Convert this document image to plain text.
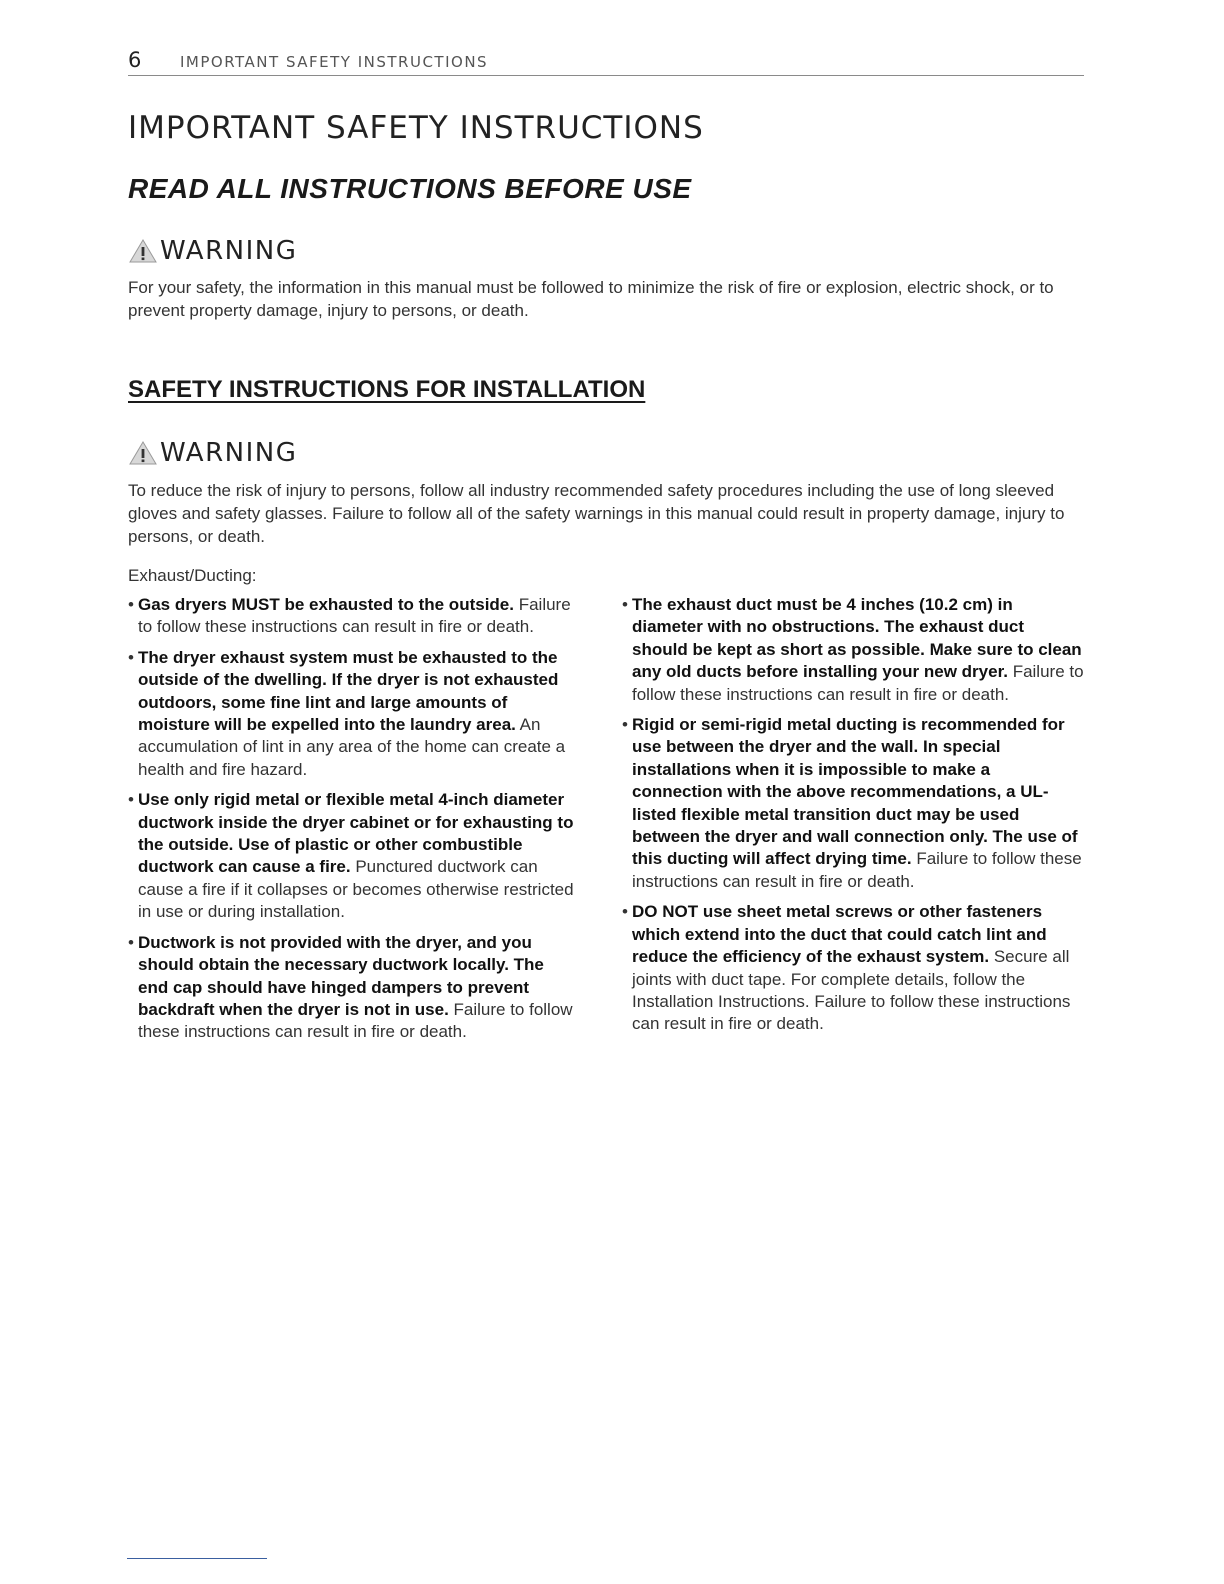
6	IMPORTANT SAFETY INSTRUCTIONS
IMPORTANT SAFETY INSTRUCTIONS
READ ALL INSTRUCTIONS BEFORE USE
WARNING

For your safety, the information in this manual must be followed to minimize the risk of fire or explosion, electric shock, or to prevent property damage, injury to persons, or death.

SAFETY INSTRUCTIONS FOR INSTALLATION
WARNING

To reduce the risk of injury to persons, follow all industry recommended safety procedures including the use of long sleeved gloves and safety glasses. Failure to follow all of the safety warnings in this manual could result in property damage, injury to persons, or death.

Exhaust/Ducting:

• Gas dryers MUST be exhausted to the outside. Failure to follow these instructions can result in fire or death.
• The dryer exhaust system must be exhausted to the outside of the dwelling. If the dryer is not exhausted outdoors, some fine lint and large amounts of moisture will be expelled into the laundry area. An accumulation of lint in any area of the home can create a health and fire hazard.
• Use only rigid metal or flexible metal 4-inch diameter ductwork inside the dryer cabinet or for exhausting to the outside. Use of plastic or other combustible ductwork can cause a fire. Punctured ductwork can cause a fire if it collapses or becomes otherwise restricted in use or during installation.
• Ductwork is not provided with the dryer, and you should obtain the necessary ductwork locally. The end cap should have hinged dampers to prevent backdraft when the dryer is not in use. Failure to follow these instructions can result in fire or death.
• The exhaust duct must be 4 inches (10.2 cm) in diameter with no obstructions. The exhaust duct should be kept as short as possible. Make sure to clean any old ducts before installing your new dryer. Failure to follow these instructions can result in fire or death.
• Rigid or semi-rigid metal ducting is recommended for use between the dryer and the wall. In special installations when it is impossible to make a connection with the above recommendations, a UL-listed flexible metal transition duct may be used between the dryer and wall connection only. The use of this ducting will affect drying time. Failure to follow these instructions can result in fire or death.
• DO NOT use sheet metal screws or other fasteners which extend into the duct that could catch lint and reduce the efficiency of the exhaust system. Secure all joints with duct tape. For complete details, follow the Installation Instructions. Failure to follow these instructions can result in fire or death.
